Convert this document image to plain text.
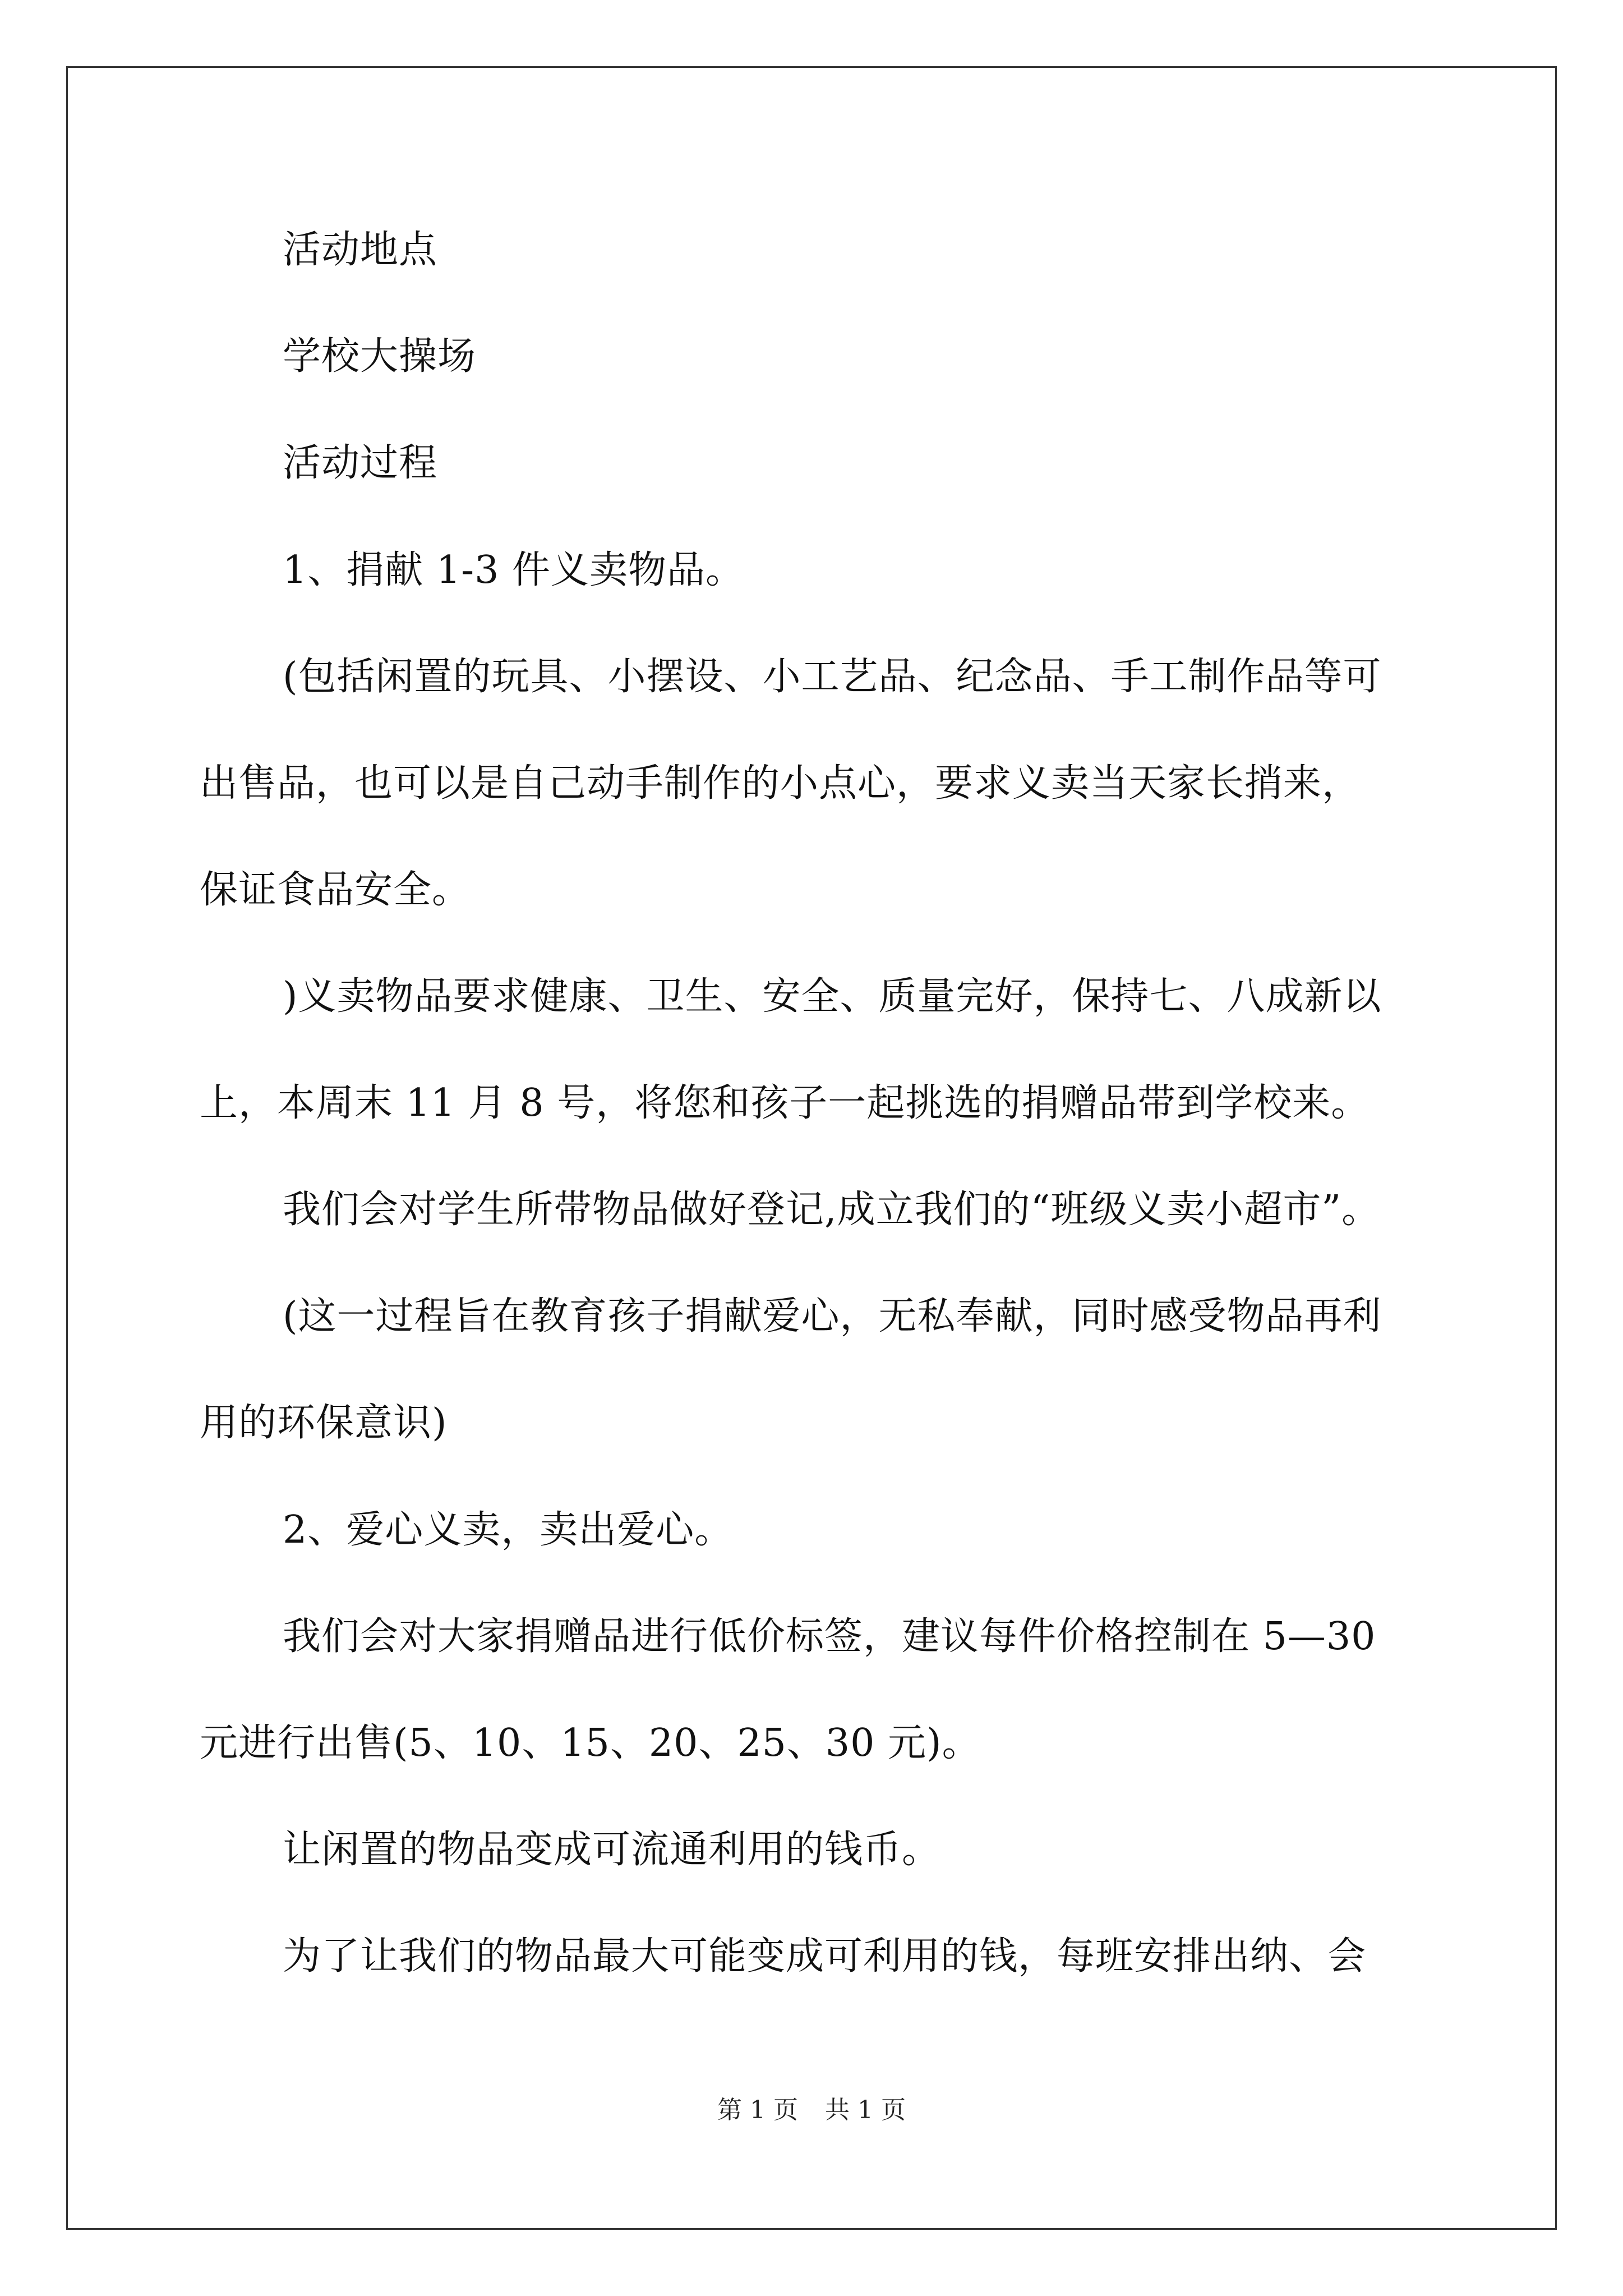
活动地点
学校大操场
活动过程
1、捐献 1-3 件义卖物品。
(包括闲置的玩具、小摆设、小工艺品、纪念品、手工制作品等可
出售品，也可以是自己动手制作的小点心，要求义卖当天家长捎来，
保证食品安全。
)义卖物品要求健康、卫生、安全、质量完好，保持七、八成新以
上，本周末 11 月 8 号，将您和孩子一起挑选的捐赠品带到学校来。
我们会对学生所带物品做好登记,成立我们的“班级义卖小超市”。
(这一过程旨在教育孩子捐献爱心，无私奉献，同时感受物品再利
用的环保意识)
2、爱心义卖，卖出爱心。
我们会对大家捐赠品进行低价标签，建议每件价格控制在 5—30
元进行出售(5、10、15、20、25、30 元)。
让闲置的物品变成可流通利用的钱币。
为了让我们的物品最大可能变成可利用的钱，每班安排出纳、会
第 1 页 共 1 页
